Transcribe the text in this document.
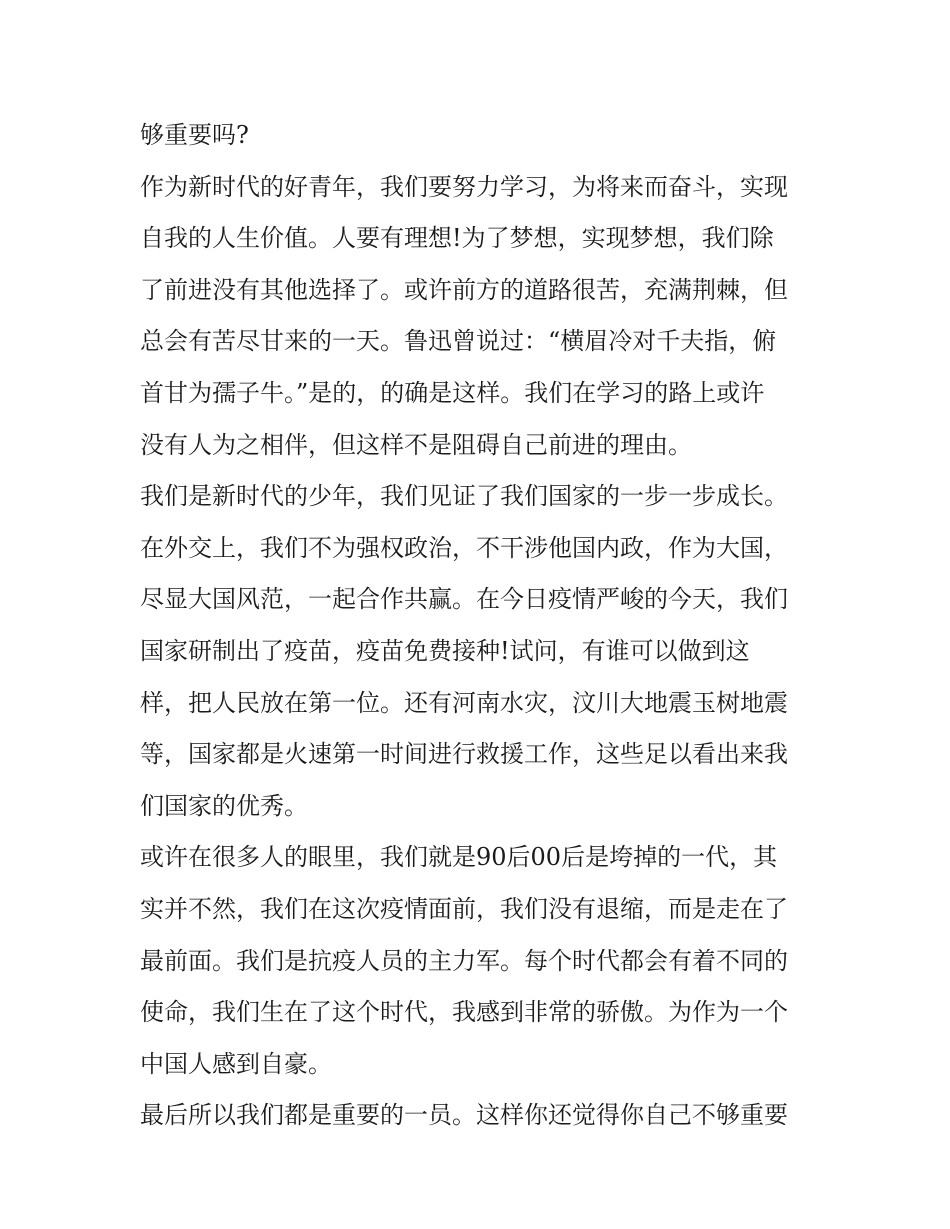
够重要吗?
作为新时代的好青年，我们要努力学习，为将来而奋斗，实现
自我的人生价值。人要有理想!为了梦想，实现梦想，我们除
了前进没有其他选择了。或许前方的道路很苦，充满荆棘，但
总会有苦尽甘来的一天。鲁迅曾说过：“横眉冷对千夫指，俯
首甘为孺子牛。”是的，的确是这样。我们在学习的路上或许
没有人为之相伴，但这样不是阻碍自己前进的理由。
我们是新时代的少年，我们见证了我们国家的一步一步成长。
在外交上，我们不为强权政治，不干涉他国内政，作为大国，
尽显大国风范，一起合作共赢。在今日疫情严峻的今天，我们
国家研制出了疫苗，疫苗免费接种!试问，有谁可以做到这
样，把人民放在第一位。还有河南水灾，汶川大地震玉树地震
等，国家都是火速第一时间进行救援工作，这些足以看出来我
们国家的优秀。
或许在很多人的眼里，我们就是90后00后是垮掉的一代，其
实并不然，我们在这次疫情面前，我们没有退缩，而是走在了
最前面。我们是抗疫人员的主力军。每个时代都会有着不同的
使命，我们生在了这个时代，我感到非常的骄傲。为作为一个
中国人感到自豪。
最后所以我们都是重要的一员。这样你还觉得你自己不够重要
